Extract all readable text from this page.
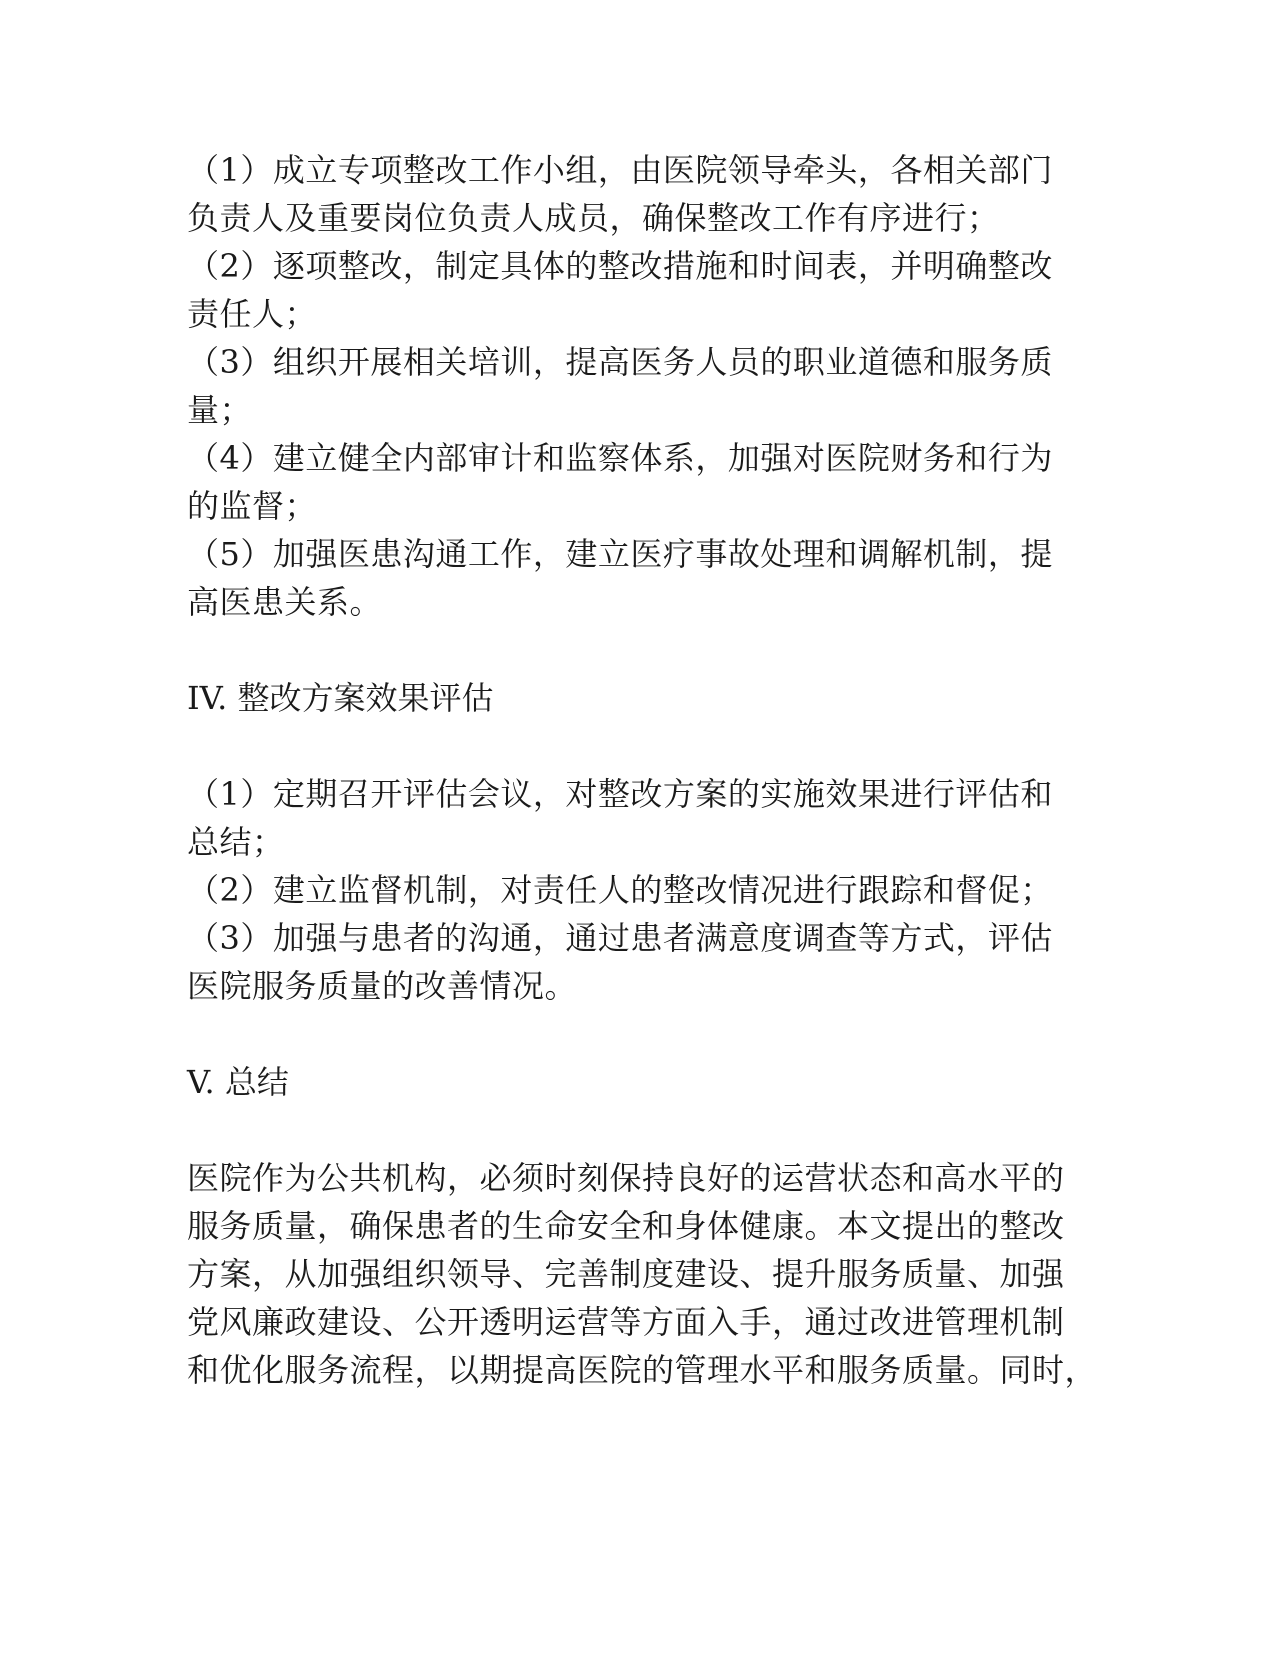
（1）成立专项整改工作小组，由医院领导牵头，各相关部门
负责人及重要岗位负责人成员，确保整改工作有序进行；
（2）逐项整改，制定具体的整改措施和时间表，并明确整改
责任人；
（3）组织开展相关培训，提高医务人员的职业道德和服务质
量；
（4）建立健全内部审计和监察体系，加强对医院财务和行为
的监督；
（5）加强医患沟通工作，建立医疗事故处理和调解机制，提
高医患关系。
IV. 整改方案效果评估
（1）定期召开评估会议，对整改方案的实施效果进行评估和
总结；
（2）建立监督机制，对责任人的整改情况进行跟踪和督促；
（3）加强与患者的沟通，通过患者满意度调查等方式，评估
医院服务质量的改善情况。
V. 总结
医院作为公共机构，必须时刻保持良好的运营状态和高水平的
服务质量，确保患者的生命安全和身体健康。本文提出的整改
方案，从加强组织领导、完善制度建设、提升服务质量、加强
党风廉政建设、公开透明运营等方面入手，通过改进管理机制
和优化服务流程，以期提高医院的管理水平和服务质量。同时，
